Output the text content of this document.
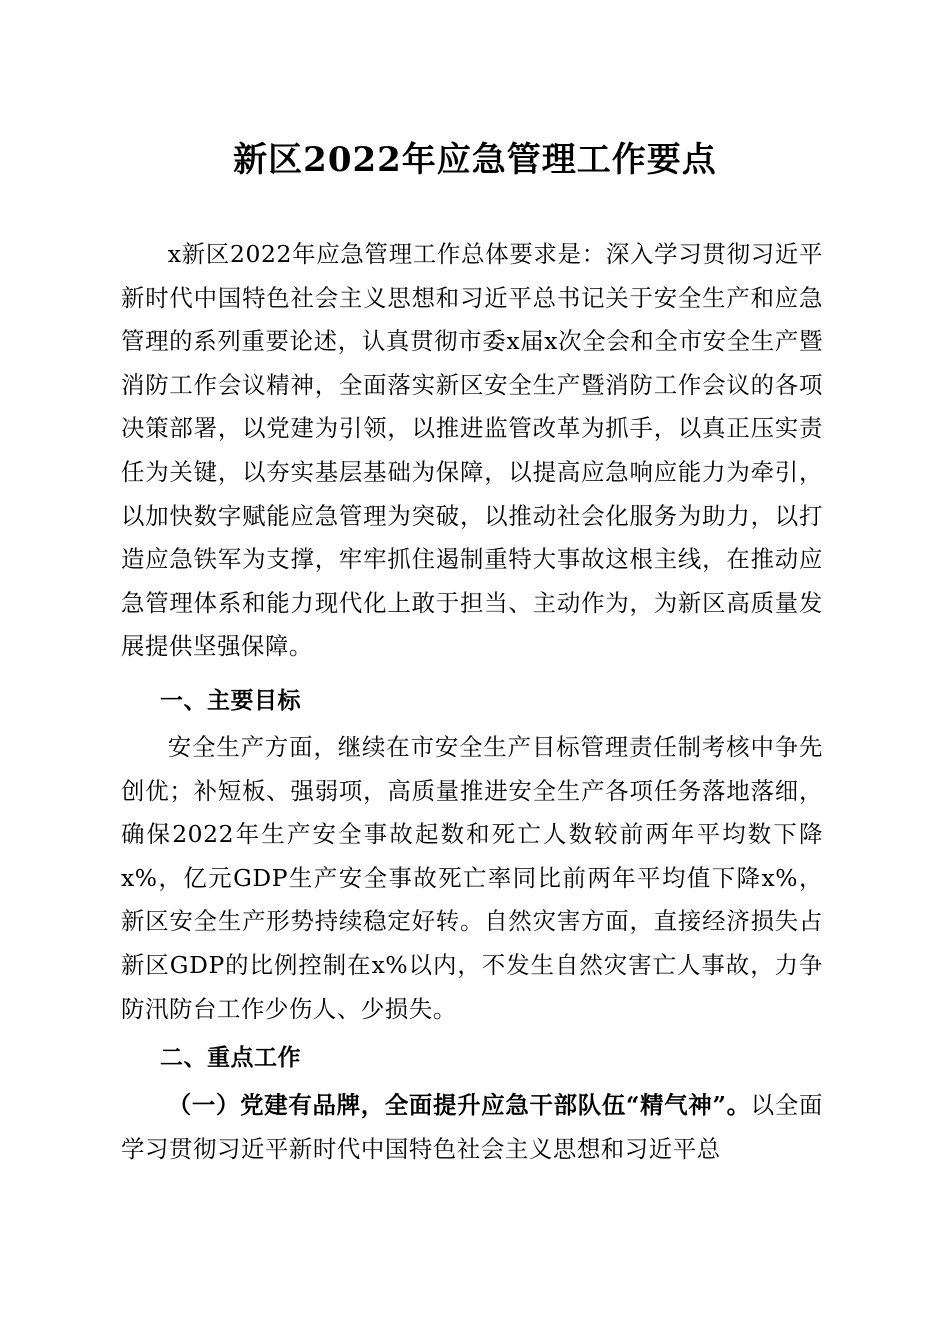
新区2022年应急管理工作要点

x新区2022年应急管理工作总体要求是：深入学习贯彻习近平新时代中国特色社会主义思想和习近平总书记关于安全生产和应急管理的系列重要论述，认真贯彻市委x届x次全会和全市安全生产暨消防工作会议精神，全面落实新区安全生产暨消防工作会议的各项决策部署，以党建为引领，以推进监管改革为抓手，以真正压实责任为关键，以夯实基层基础为保障，以提高应急响应能力为牵引，以加快数字赋能应急管理为突破，以推动社会化服务为助力，以打造应急铁军为支撑，牢牢抓住遏制重特大事故这根主线，在推动应急管理体系和能力现代化上敢于担当、主动作为，为新区高质量发展提供坚强保障。

一、主要目标

安全生产方面，继续在市安全生产目标管理责任制考核中争先创优；补短板、强弱项，高质量推进安全生产各项任务落地落细，确保2022年生产安全事故起数和死亡人数较前两年平均数下降x%，亿元GDP生产安全事故死亡率同比前两年平均值下降x%，新区安全生产形势持续稳定好转。自然灾害方面，直接经济损失占新区GDP的比例控制在x%以内，不发生自然灾害亡人事故，力争防汛防台工作少伤人、少损失。

二、重点工作

（一）党建有品牌，全面提升应急干部队伍“精气神”。以全面学习贯彻习近平新时代中国特色社会主义思想和习近平总
